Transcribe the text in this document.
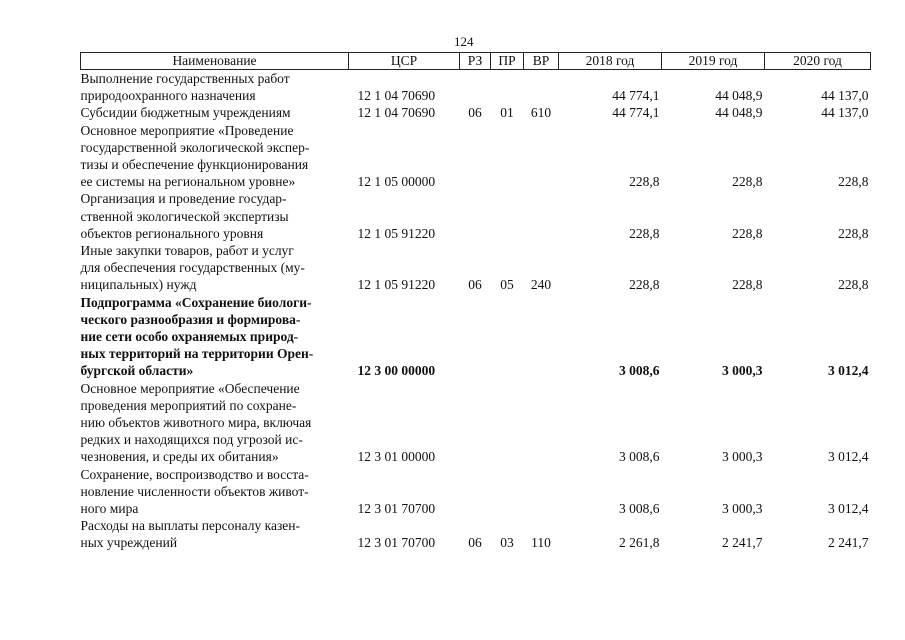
124
Наименование	ЦСР	РЗ	ПР	ВР	2018 год	2019 год	2020 год
Выполнение государственных работ
природоохранного назначения	12 1 04 70690				44 774,1	44 048,9	44 137,0
Субсидии бюджетным учреждениям	12 1 04 70690	06	01	610	44 774,1	44 048,9	44 137,0
Основное мероприятие «Проведение
государственной экологической экспер-
тизы и обеспечение функционирования
ее системы на региональном уровне»	12 1 05 00000				228,8	228,8	228,8
Организация и проведение государ-
ственной экологической экспертизы
объектов регионального уровня	12 1 05 91220				228,8	228,8	228,8
Иные закупки товаров, работ и услуг
для обеспечения государственных (му-
ниципальных) нужд	12 1 05 91220	06	05	240	228,8	228,8	228,8
Подпрограмма «Сохранение биологи-
ческого разнообразия и формирова-
ние сети особо охраняемых природ-
ных территорий на территории Орен-
бургской области»	12 3 00 00000				3 008,6	3 000,3	3 012,4
Основное мероприятие «Обеспечение
проведения мероприятий по сохране-
нию объектов животного мира, включая
редких и находящихся под угрозой ис-
чезновения, и среды их обитания»	12 3 01 00000				3 008,6	3 000,3	3 012,4
Сохранение, воспроизводство и восста-
новление численности объектов живот-
ного мира	12 3 01 70700				3 008,6	3 000,3	3 012,4
Расходы на выплаты персоналу казен-
ных учреждений	12 3 01 70700	06	03	110	2 261,8	2 241,7	2 241,7
